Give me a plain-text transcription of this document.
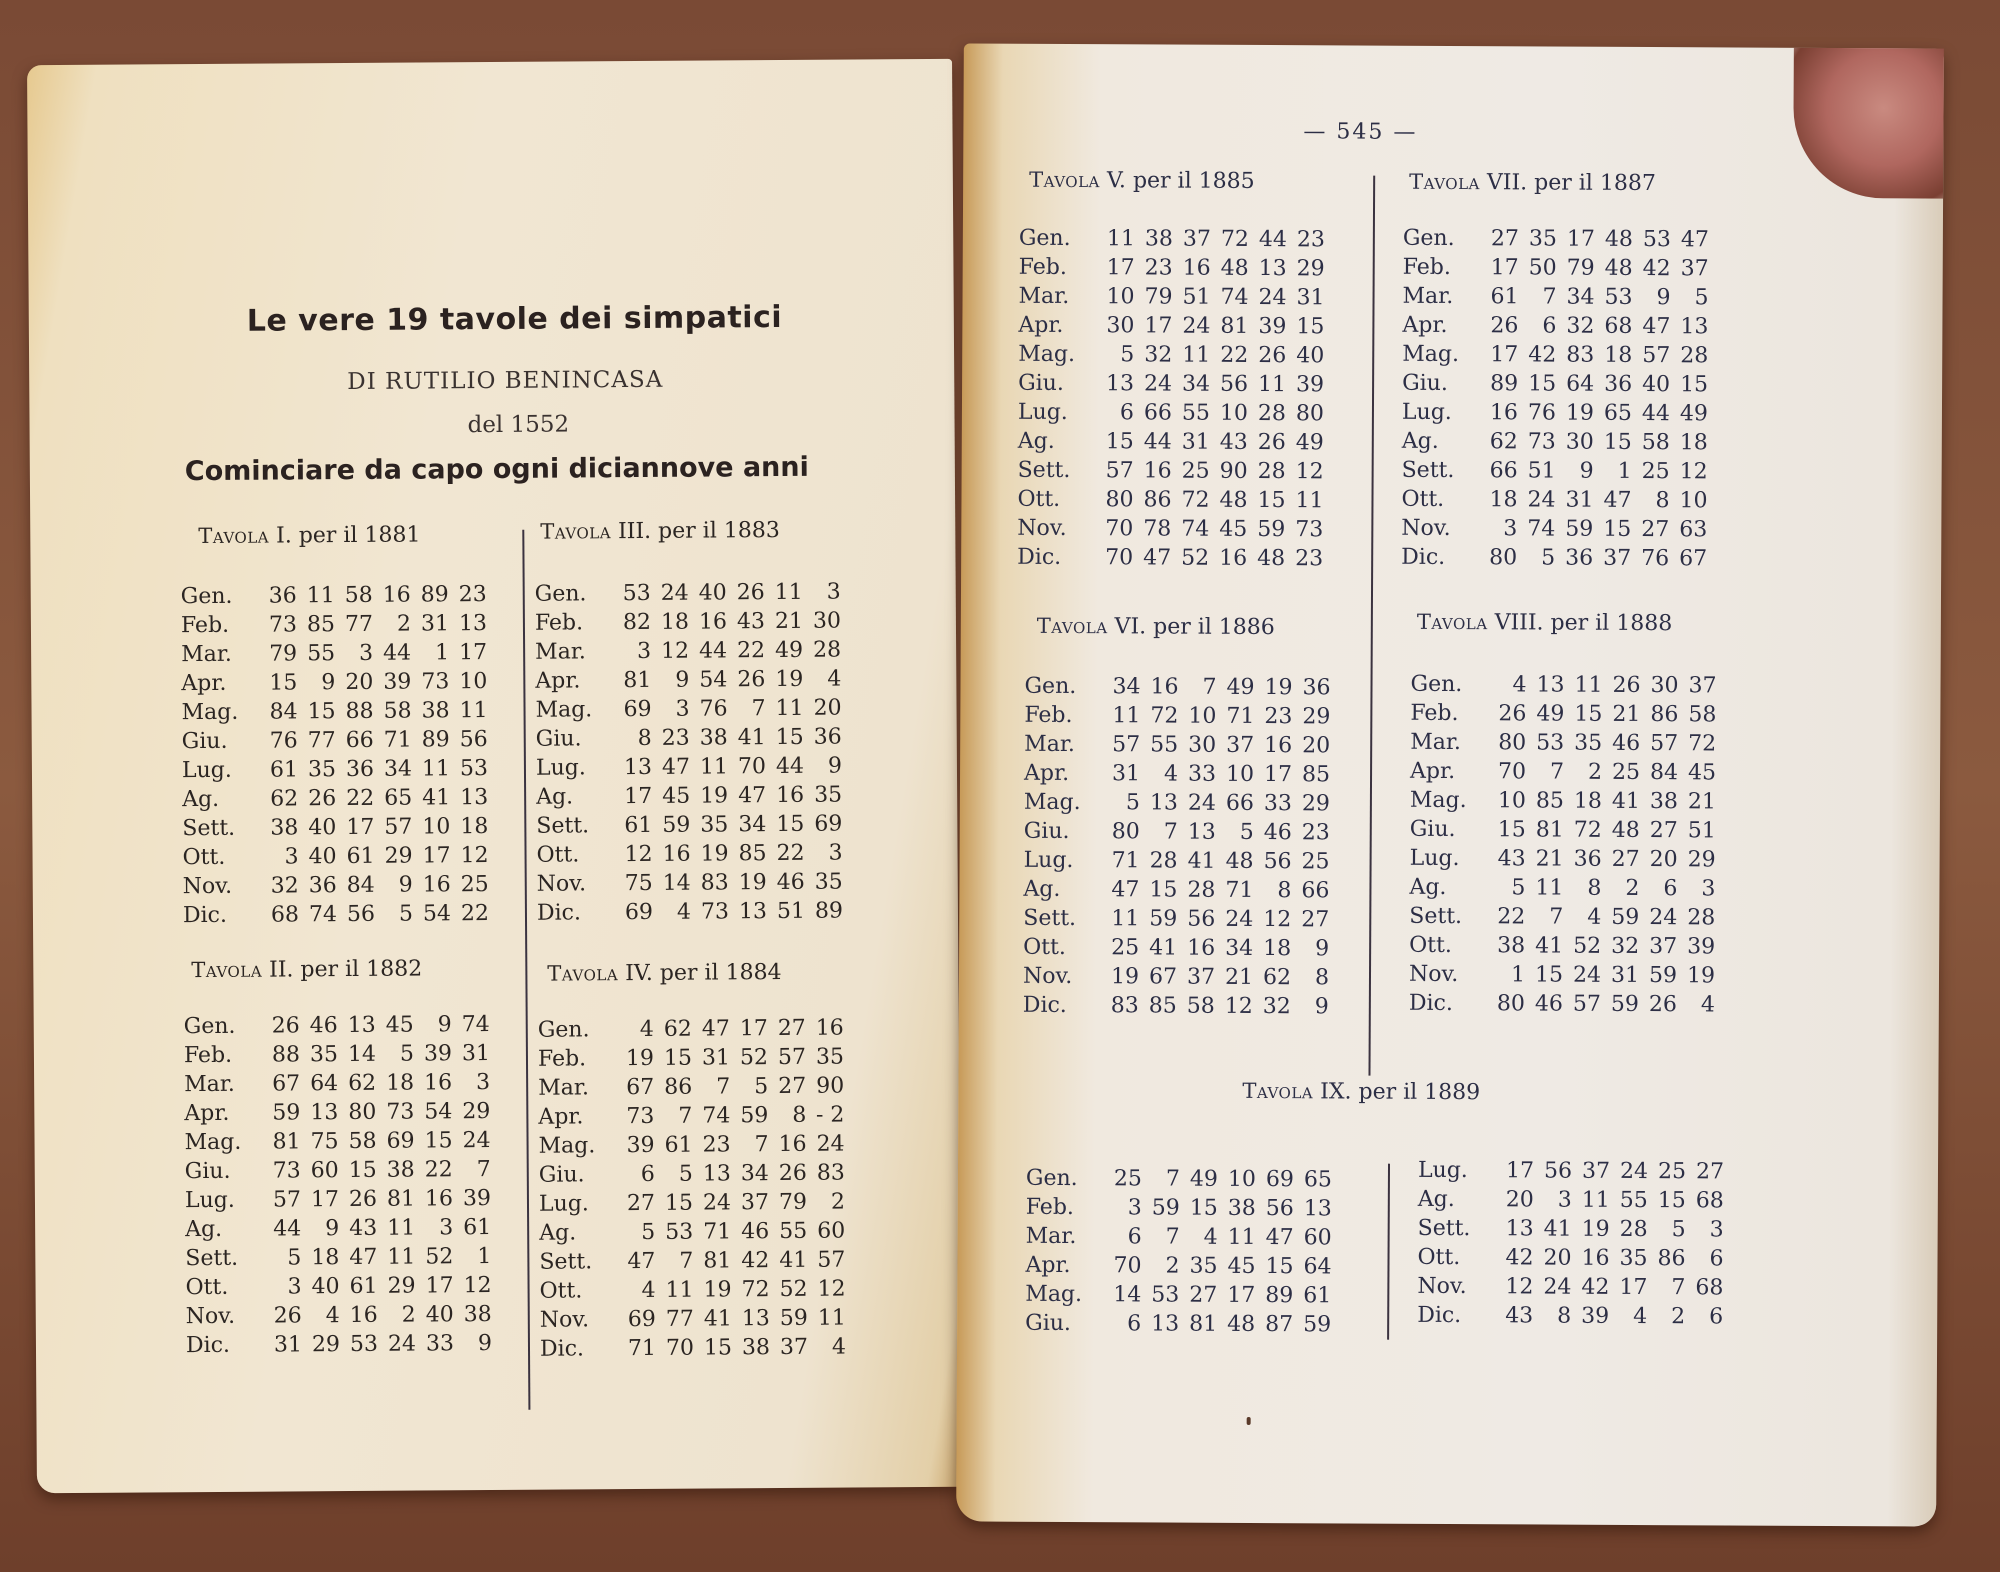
Le vere 19 tavole dei simpatici
DI RUTILIO BENINCASA
del 1552
Cominciare da capo ogni diciannove anni
Tavola I. per il 1881
Gen.	36	11	58	16	89	23
Feb.	73	85	77	2	31	13
Mar.	79	55	3	44	1	17
Apr.	15	9	20	39	73	10
Mag.	84	15	88	58	38	11
Giu.	76	77	66	71	89	56
Lug.	61	35	36	34	11	53
Ag.	62	26	22	65	41	13
Sett.	38	40	17	57	10	18
Ott.	3	40	61	29	17	12
Nov.	32	36	84	9	16	25
Dic.	68	74	56	5	54	22
Tavola III. per il 1883
Gen.	53	24	40	26	11	3
Feb.	82	18	16	43	21	30
Mar.	3	12	44	22	49	28
Apr.	81	9	54	26	19	4
Mag.	69	3	76	7	11	20
Giu.	8	23	38	41	15	36
Lug.	13	47	11	70	44	9
Ag.	17	45	19	47	16	35
Sett.	61	59	35	34	15	69
Ott.	12	16	19	85	22	3
Nov.	75	14	83	19	46	35
Dic.	69	4	73	13	51	89
Tavola II. per il 1882
Gen.	26	46	13	45	9	74
Feb.	88	35	14	5	39	31
Mar.	67	64	62	18	16	3
Apr.	59	13	80	73	54	29
Mag.	81	75	58	69	15	24
Giu.	73	60	15	38	22	7
Lug.	57	17	26	81	16	39
Ag.	44	9	43	11	3	61
Sett.	5	18	47	11	52	1
Ott.	3	40	61	29	17	12
Nov.	26	4	16	2	40	38
Dic.	31	29	53	24	33	9
Tavola IV. per il 1884
Gen.	4	62	47	17	27	16
Feb.	19	15	31	52	57	35
Mar.	67	86	7	5	27	90
Apr.	73	7	74	59	8	- 2
Mag.	39	61	23	7	16	24
Giu.	6	5	13	34	26	83
Lug.	27	15	24	37	79	2
Ag.	5	53	71	46	55	60
Sett.	47	7	81	42	41	57
Ott.	4	11	19	72	52	12
Nov.	69	77	41	13	59	11
Dic.	71	70	15	38	37	4
— 545 —
Tavola V. per il 1885
Gen.	11	38	37	72	44	23
Feb.	17	23	16	48	13	29
Mar.	10	79	51	74	24	31
Apr.	30	17	24	81	39	15
Mag.	5	32	11	22	26	40
Giu.	13	24	34	56	11	39
Lug.	6	66	55	10	28	80
Ag.	15	44	31	43	26	49
Sett.	57	16	25	90	28	12
Ott.	80	86	72	48	15	11
Nov.	70	78	74	45	59	73
Dic.	70	47	52	16	48	23
Tavola VII. per il 1887
Gen.	27	35	17	48	53	47
Feb.	17	50	79	48	42	37
Mar.	61	7	34	53	9	5
Apr.	26	6	32	68	47	13
Mag.	17	42	83	18	57	28
Giu.	89	15	64	36	40	15
Lug.	16	76	19	65	44	49
Ag.	62	73	30	15	58	18
Sett.	66	51	9	1	25	12
Ott.	18	24	31	47	8	10
Nov.	3	74	59	15	27	63
Dic.	80	5	36	37	76	67
Tavola VI. per il 1886
Gen.	34	16	7	49	19	36
Feb.	11	72	10	71	23	29
Mar.	57	55	30	37	16	20
Apr.	31	4	33	10	17	85
Mag.	5	13	24	66	33	29
Giu.	80	7	13	5	46	23
Lug.	71	28	41	48	56	25
Ag.	47	15	28	71	8	66
Sett.	11	59	56	24	12	27
Ott.	25	41	16	34	18	9
Nov.	19	67	37	21	62	8
Dic.	83	85	58	12	32	9
Tavola VIII. per il 1888
Gen.	4	13	11	26	30	37
Feb.	26	49	15	21	86	58
Mar.	80	53	35	46	57	72
Apr.	70	7	2	25	84	45
Mag.	10	85	18	41	38	21
Giu.	15	81	72	48	27	51
Lug.	43	21	36	27	20	29
Ag.	5	11	8	2	6	3
Sett.	22	7	4	59	24	28
Ott.	38	41	52	32	37	39
Nov.	1	15	24	31	59	19
Dic.	80	46	57	59	26	4
Tavola IX. per il 1889
Gen.	25	7	49	10	69	65
Feb.	3	59	15	38	56	13
Mar.	6	7	4	11	47	60
Apr.	70	2	35	45	15	64
Mag.	14	53	27	17	89	61
Giu.	6	13	81	48	87	59
Lug.	17	56	37	24	25	27
Ag.	20	3	11	55	15	68
Sett.	13	41	19	28	5	3
Ott.	42	20	16	35	86	6
Nov.	12	24	42	17	7	68
Dic.	43	8	39	4	2	6
